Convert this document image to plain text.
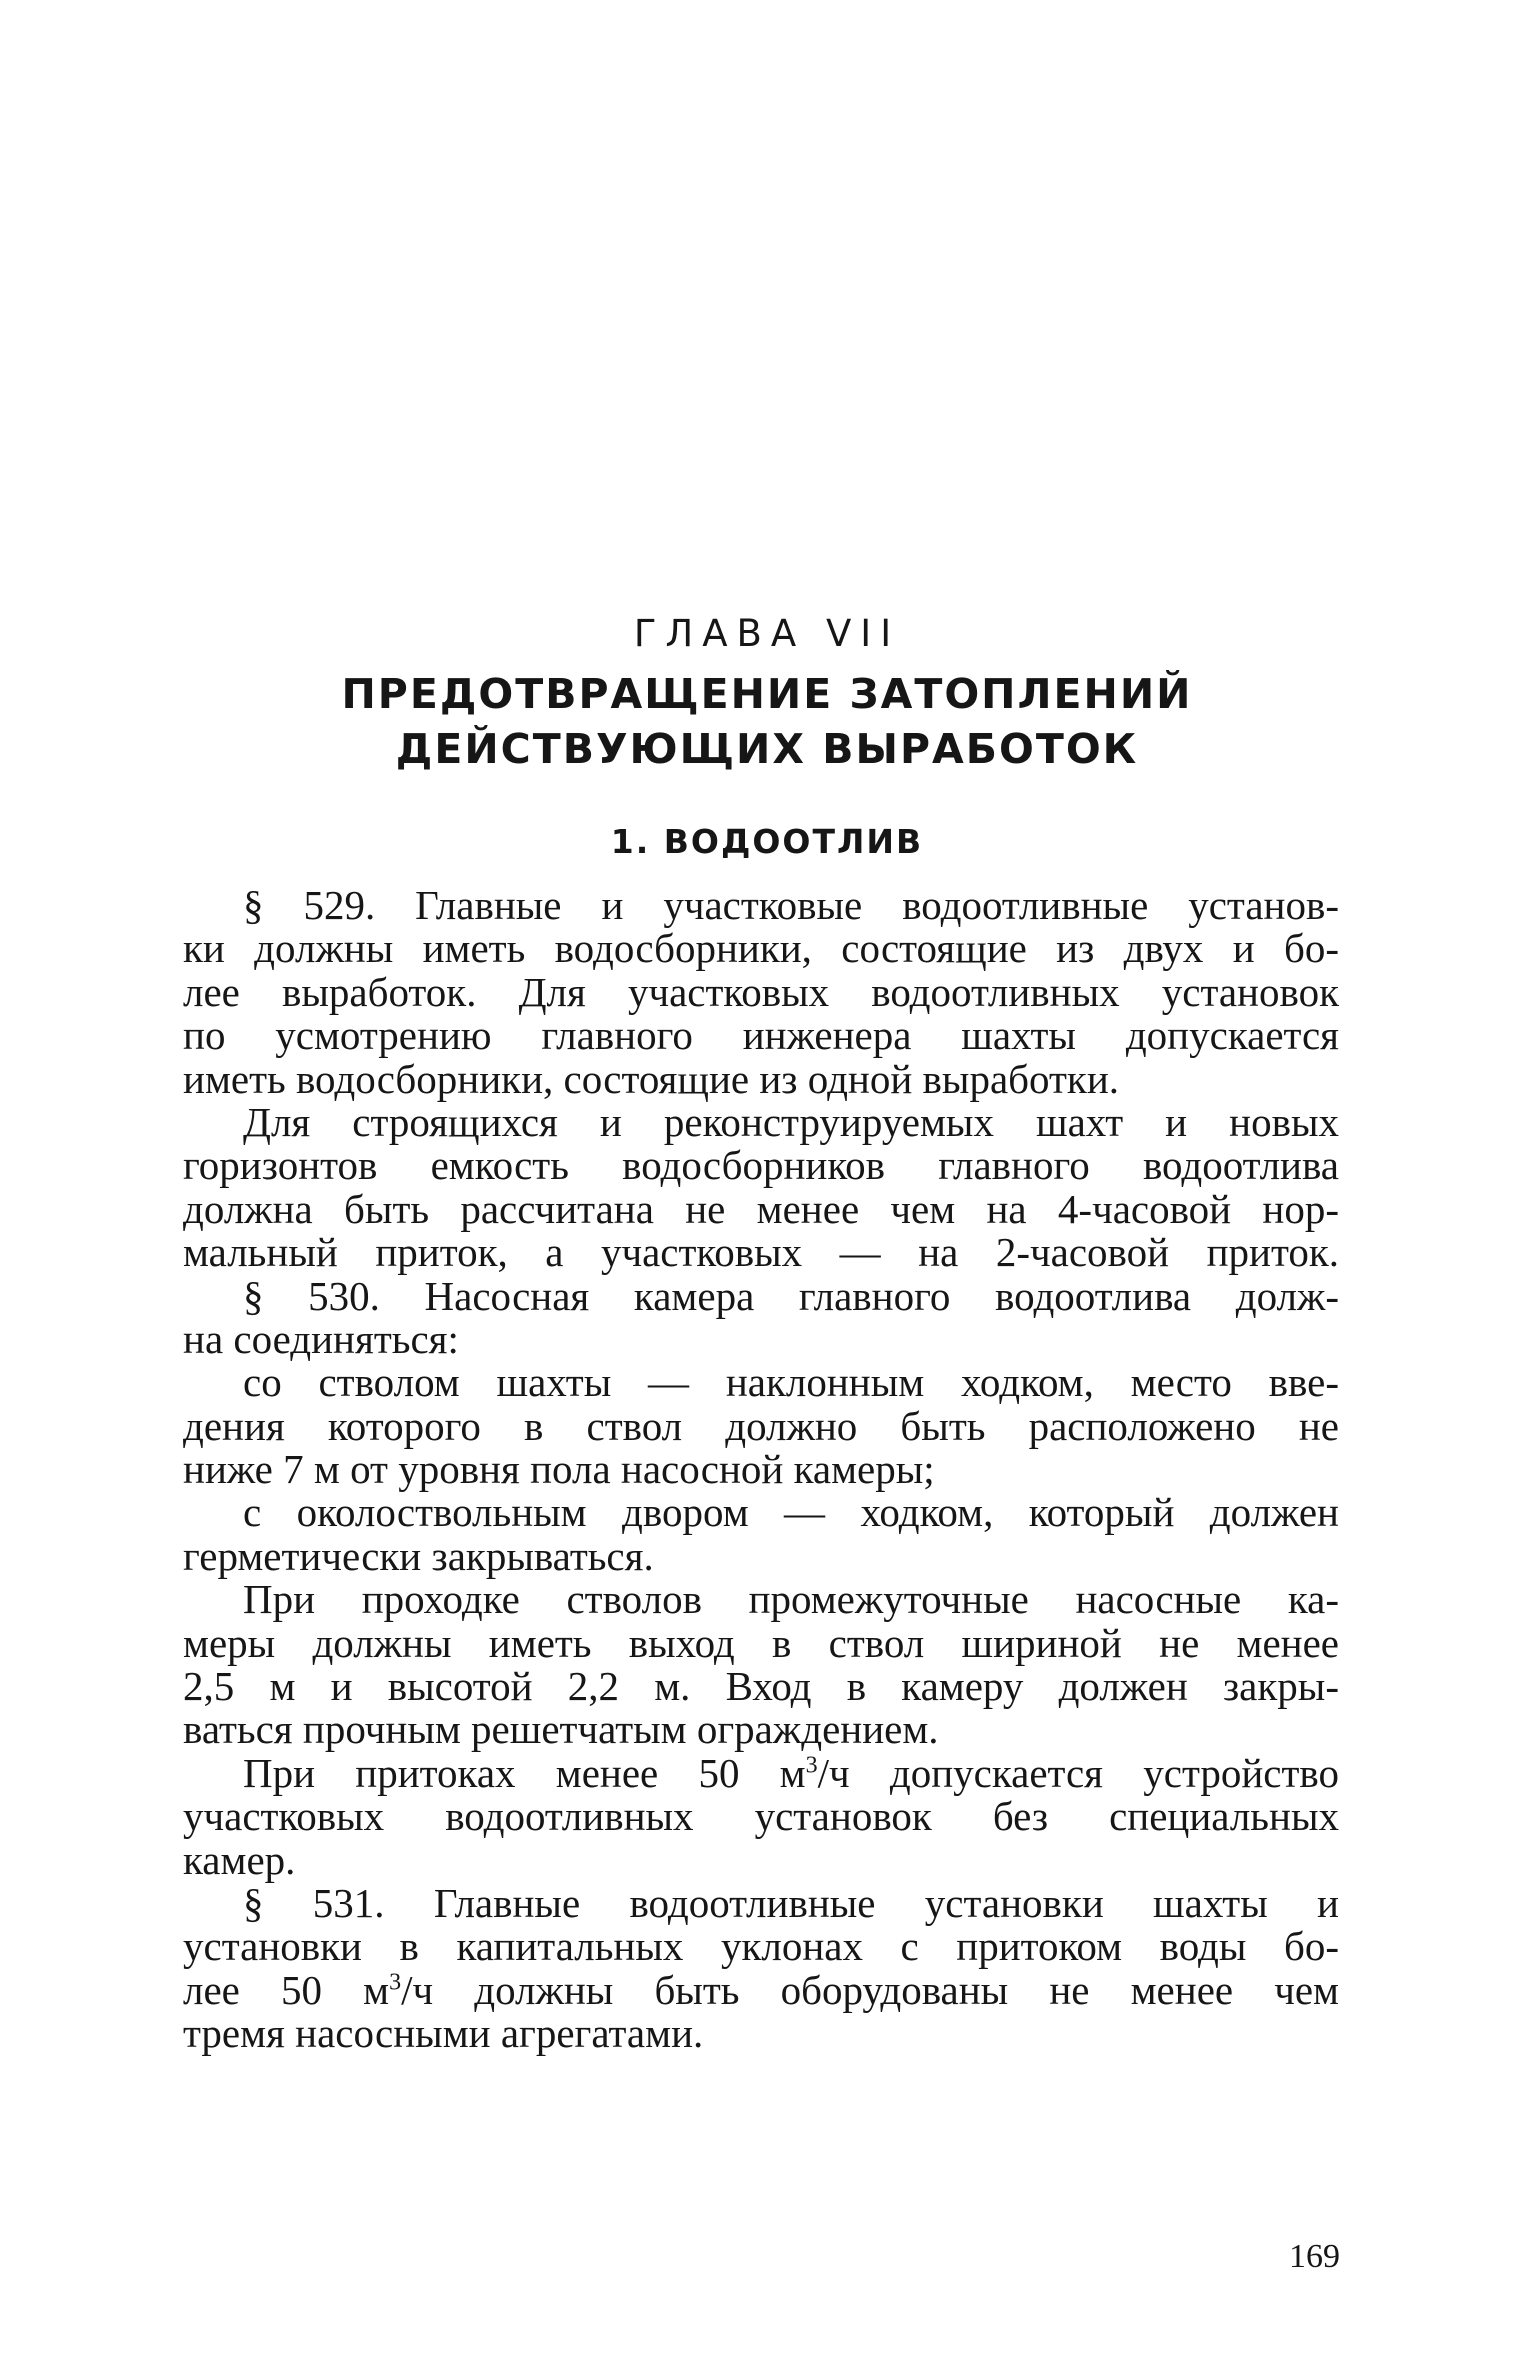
ГЛАВА VII
ПРЕДОТВРАЩЕНИЕ ЗАТОПЛЕНИЙ
ДЕЙСТВУЮЩИХ ВЫРАБОТОК
1. ВОДООТЛИВ
§ 529. Главные и участковые водоотливные установ-
ки должны иметь водосборники, состоящие из двух и бо-
лее выработок. Для участковых водоотливных установок
по усмотрению главного инженера шахты допускается
иметь водосборники, состоящие из одной выработки.
Для строящихся и реконструируемых шахт и новых
горизонтов емкость водосборников главного водоотлива
должна быть рассчитана не менее чем на 4-часовой нор-
мальный приток, а участковых — на 2-часовой приток.
§ 530. Насосная камера главного водоотлива долж-
на соединяться:
со стволом шахты — наклонным ходком, место вве-
дения которого в ствол должно быть расположено не
ниже 7 м от уровня пола насосной камеры;
с околоствольным двором — ходком, который должен
герметически закрываться.
При проходке стволов промежуточные насосные ка-
меры должны иметь выход в ствол шириной не менее
2,5 м и высотой 2,2 м. Вход в камеру должен закры-
ваться прочным решетчатым ограждением.
При притоках менее 50 $м^3/ч$ допускается устройство
участковых водоотливных установок без специальных
камер.
§ 531. Главные водоотливные установки шахты и
установки в капитальных уклонах с притоком воды бо-
лее 50 $м^3/ч$ должны быть оборудованы не менее чем
тремя насосными агрегатами.
169
